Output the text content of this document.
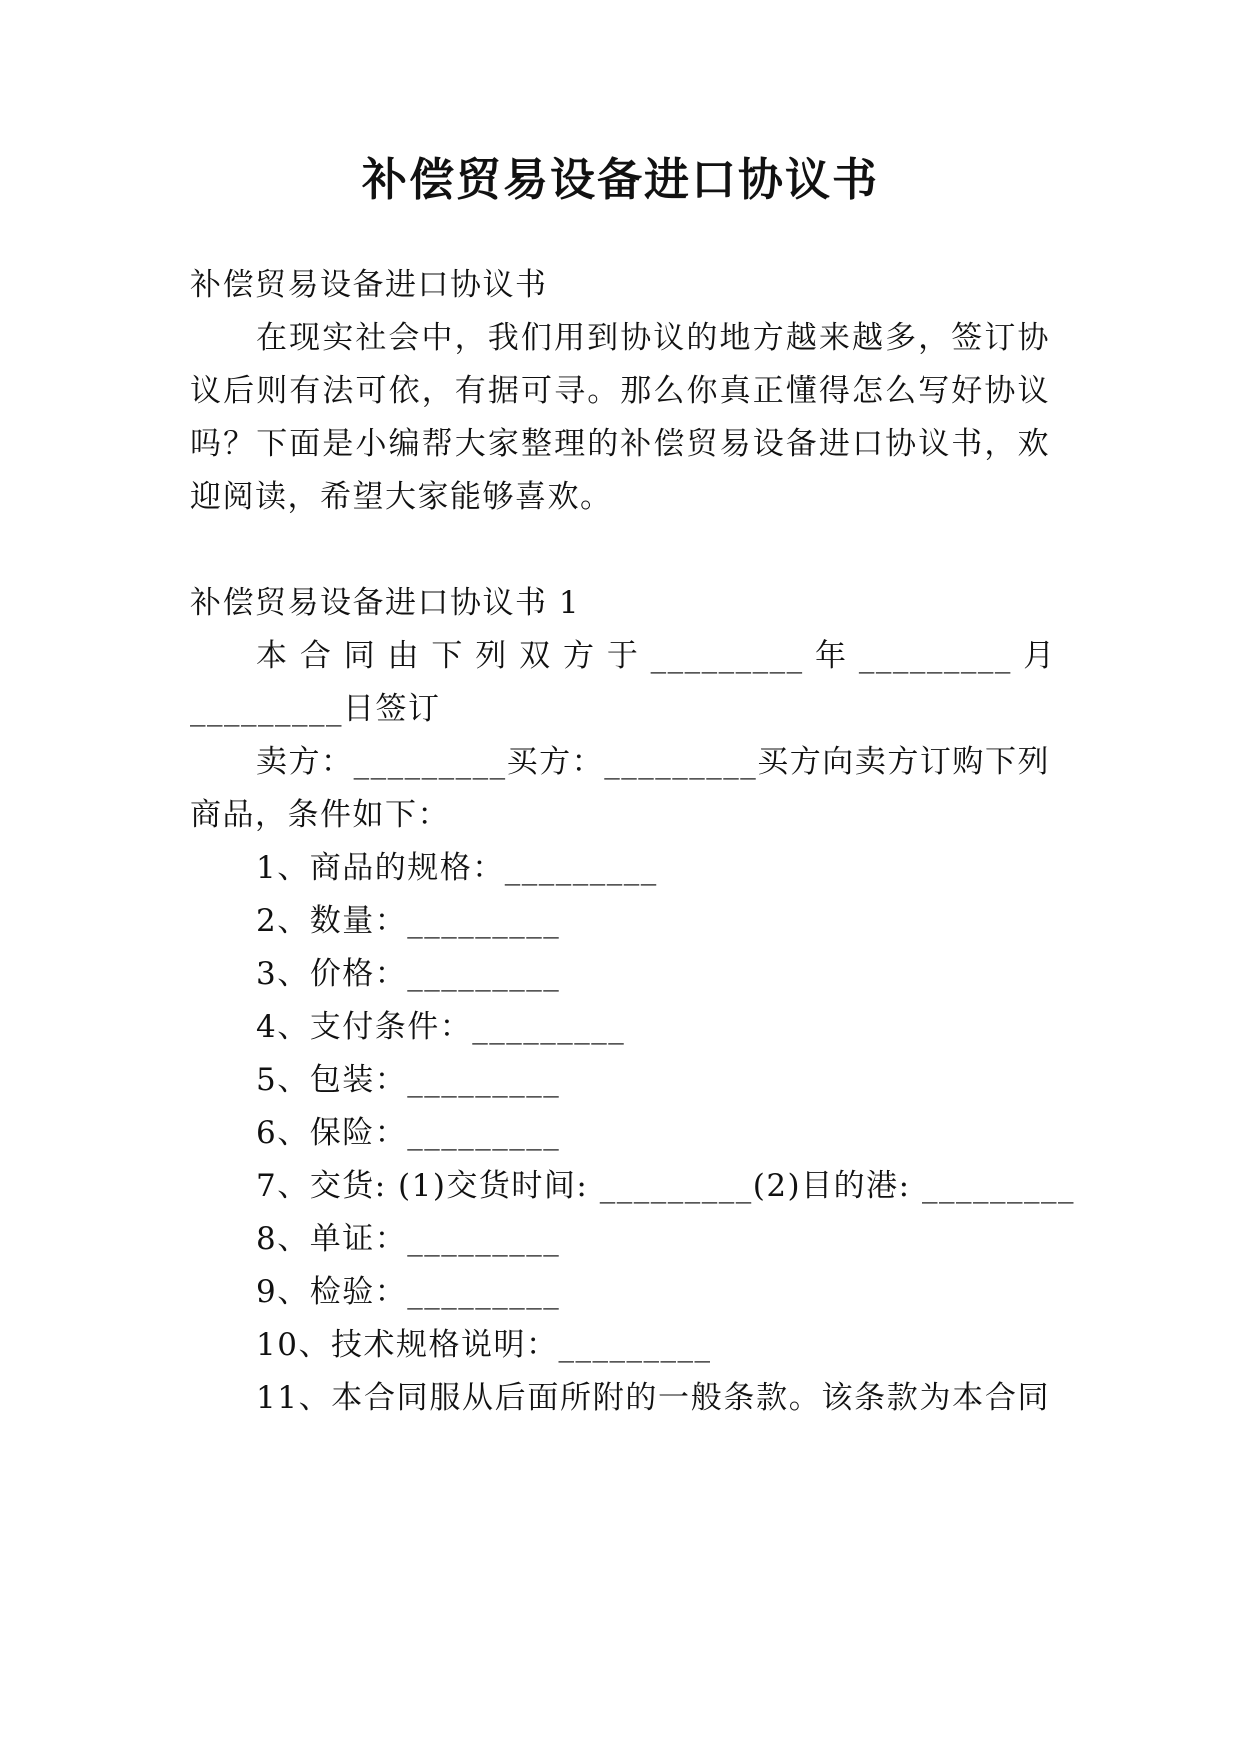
补偿贸易设备进口协议书
补偿贸易设备进口协议书
在现实社会中，我们用到协议的地方越来越多，签订协
议后则有法可依，有据可寻。那么你真正懂得怎么写好协议
吗？下面是小编帮大家整理的补偿贸易设备进口协议书，欢
迎阅读，希望大家能够喜欢。
补偿贸易设备进口协议书 1
本 合 同 由 下 列 双 方 于 _________ 年 _________ 月
_________日签订
卖方：_________买方：_________买方向卖方订购下列
商品，条件如下：
1、商品的规格：_________
2、数量：_________
3、价格：_________
4、支付条件：_________
5、包装：_________
6、保险：_________
7、交货: (1)交货时间: _________(2)目的港: _________
8、单证：_________
9、检验：_________
10、技术规格说明：_________
11、本合同服从后面所附的一般条款。该条款为本合同
